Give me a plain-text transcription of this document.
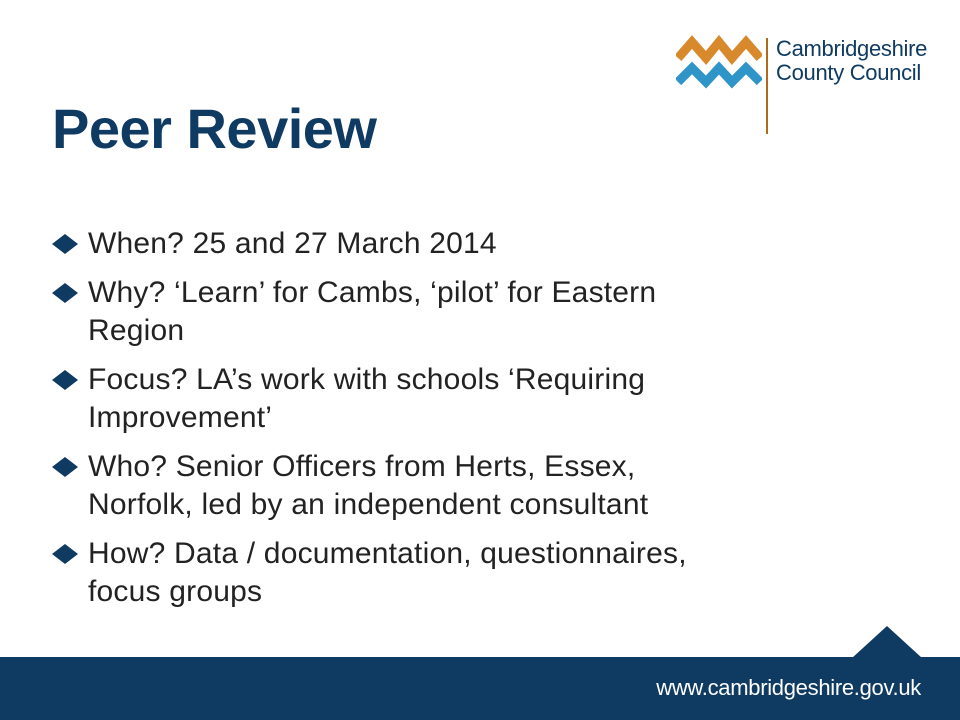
Cambridgeshire
County Council
Peer Review
When? 25 and 27 March 2014
Why? ‘Learn’ for Cambs, ‘pilot’ for Eastern
Region
Focus? LA’s work with schools ‘Requiring
Improvement’
Who? Senior Officers from Herts, Essex,
Norfolk, led by an independent consultant
How? Data / documentation, questionnaires,
focus groups
www.cambridgeshire.gov.uk
